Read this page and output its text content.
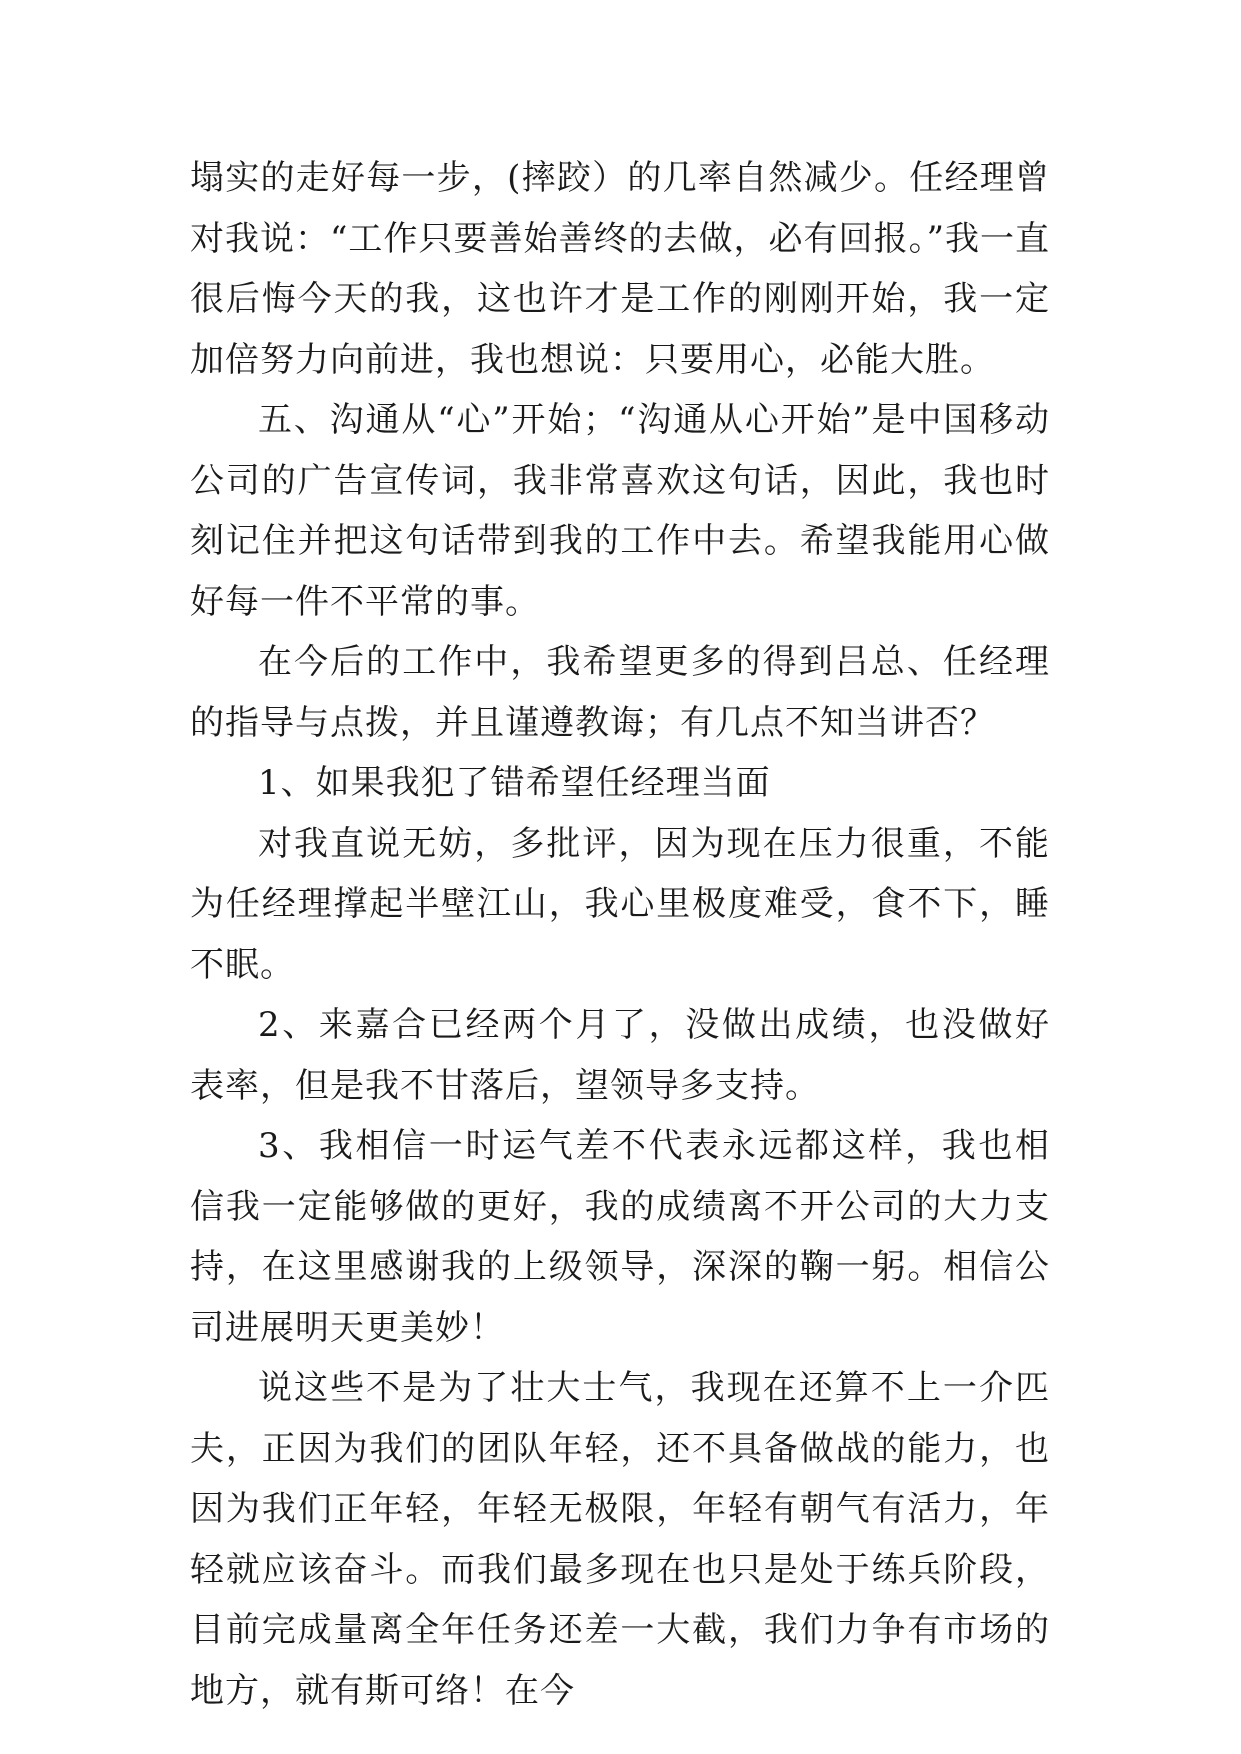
塌实的走好每一步，(摔跤）的几率自然减少。任经理曾对我说：“工作只要善始善终的去做，必有回报。”我一直很后悔今天的我，这也许才是工作的刚刚开始，我一定加倍努力向前进，我也想说：只要用心，必能大胜。

五、沟通从“心”开始；“沟通从心开始”是中国移动公司的广告宣传词，我非常喜欢这句话，因此，我也时刻记住并把这句话带到我的工作中去。希望我能用心做好每一件不平常的事。

在今后的工作中，我希望更多的得到吕总、任经理的指导与点拨，并且谨遵教诲；有几点不知当讲否？

1、如果我犯了错希望任经理当面

对我直说无妨，多批评，因为现在压力很重，不能为任经理撑起半壁江山，我心里极度难受，食不下，睡不眠。

2、来嘉合已经两个月了，没做出成绩，也没做好表率，但是我不甘落后，望领导多支持。

3、我相信一时运气差不代表永远都这样，我也相信我一定能够做的更好，我的成绩离不开公司的大力支持，在这里感谢我的上级领导，深深的鞠一躬。相信公司进展明天更美妙！

说这些不是为了壮大士气，我现在还算不上一介匹夫，正因为我们的团队年轻，还不具备做战的能力，也因为我们正年轻，年轻无极限，年轻有朝气有活力，年轻就应该奋斗。而我们最多现在也只是处于练兵阶段，目前完成量离全年任务还差一大截，我们力争有市场的地方，就有斯可络！在今
